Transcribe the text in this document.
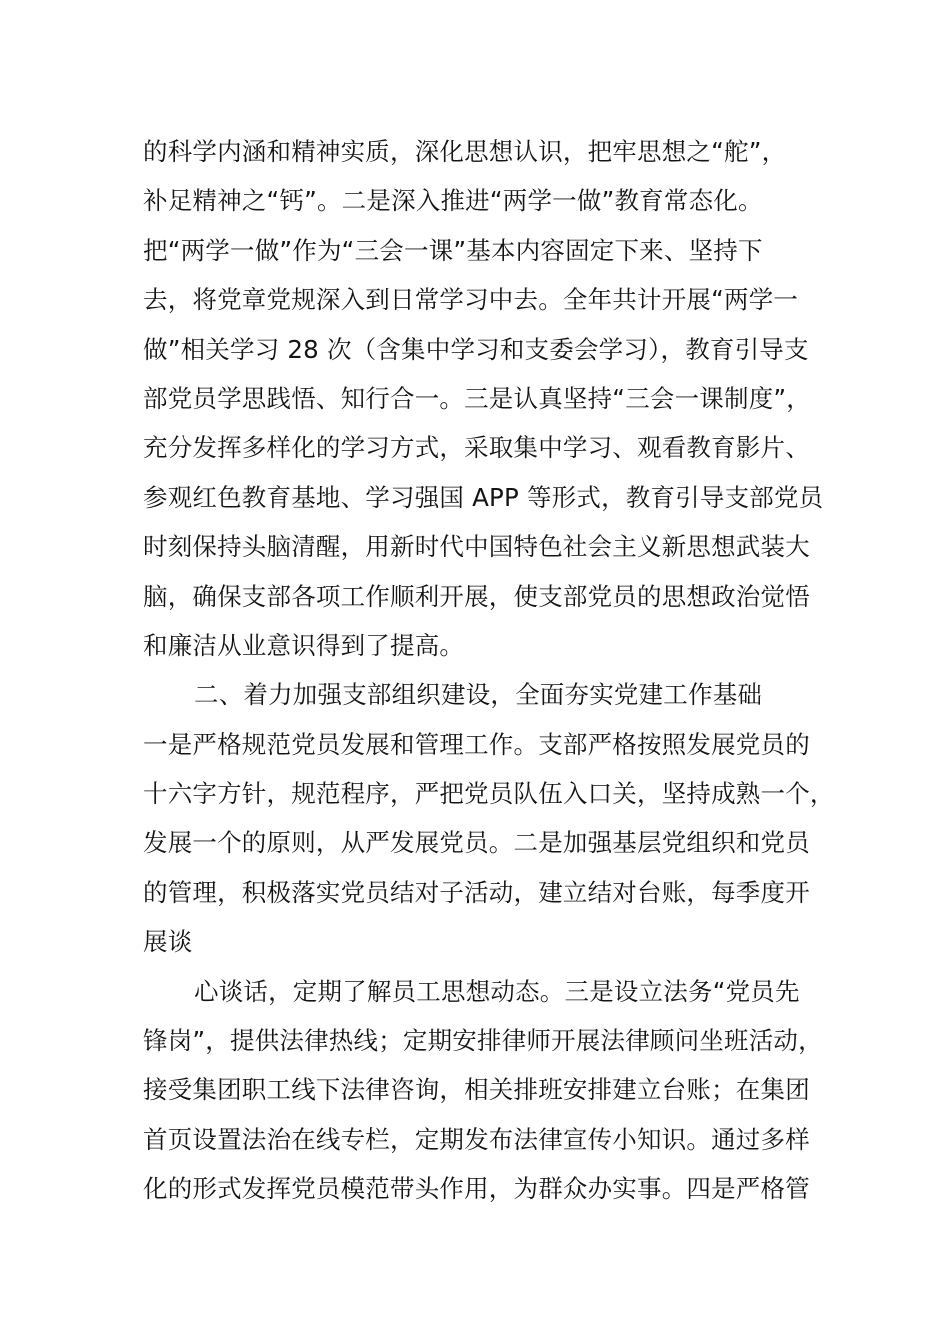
的科学内涵和精神实质，深化思想认识，把牢思想之“舵”，
补足精神之“钙”。二是深入推进“两学一做”教育常态化。
把“两学一做”作为“三会一课”基本内容固定下来、坚持下
去，将党章党规深入到日常学习中去。全年共计开展“两学一
做”相关学习 28 次（含集中学习和支委会学习），教育引导支
部党员学思践悟、知行合一。三是认真坚持“三会一课制度”，
充分发挥多样化的学习方式，采取集中学习、观看教育影片、
参观红色教育基地、学习强国 APP 等形式，教育引导支部党员
时刻保持头脑清醒，用新时代中国特色社会主义新思想武装大
脑，确保支部各项工作顺利开展，使支部党员的思想政治觉悟
和廉洁从业意识得到了提高。
二、着力加强支部组织建设，全面夯实党建工作基础
一是严格规范党员发展和管理工作。支部严格按照发展党员的
十六字方针，规范程序，严把党员队伍入口关，坚持成熟一个，
发展一个的原则，从严发展党员。二是加强基层党组织和党员
的管理，积极落实党员结对子活动，建立结对台账，每季度开
展谈
心谈话，定期了解员工思想动态。三是设立法务“党员先
锋岗”，提供法律热线；定期安排律师开展法律顾问坐班活动，
接受集团职工线下法律咨询，相关排班安排建立台账；在集团
首页设置法治在线专栏，定期发布法律宣传小知识。通过多样
化的形式发挥党员模范带头作用，为群众办实事。四是严格管
